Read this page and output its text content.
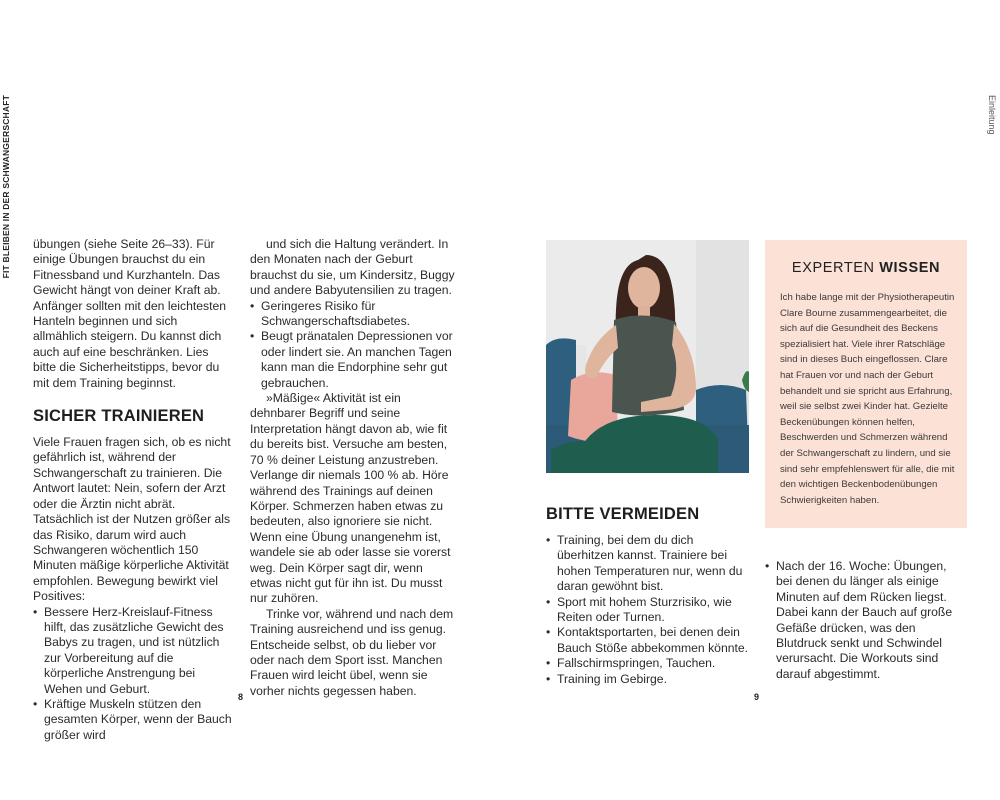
FIT BLEIBEN IN DER SCHWANGERSCHAFT	Einleitung

übungen (siehe Seite 26–33). Für einige Übungen brauchst du ein Fitnessband und Kurzhanteln. Das Gewicht hängt von deiner Kraft ab. Anfänger sollten mit den leichtesten Hanteln beginnen und sich allmählich steigern. Du kannst dich auch auf eine beschränken. Lies bitte die Sicherheitstipps, bevor du mit dem Training beginnst.

SICHER TRAINIEREN

Viele Frauen fragen sich, ob es nicht gefährlich ist, während der Schwangerschaft zu trainieren. Die Antwort lautet: Nein, sofern der Arzt oder die Ärztin nicht abrät. Tatsächlich ist der Nutzen größer als das Risiko, darum wird auch Schwangeren wöchentlich 150 Minuten mäßige körperliche Aktivität empfohlen. Bewegung bewirkt viel Positives:

• Bessere Herz-Kreislauf-Fitness hilft, das zusätzliche Gewicht des Babys zu tragen, und ist nützlich zur Vorbereitung auf die körperliche Anstrengung bei Wehen und Geburt.
• Kräftige Muskeln stützen den gesamten Körper, wenn der Bauch größer wird

und sich die Haltung verändert. In den Monaten nach der Geburt brauchst du sie, um Kindersitz, Buggy und andere Babyutensilien zu tragen.

• Geringeres Risiko für Schwangerschaftsdiabetes.
• Beugt pränatalen Depressionen vor oder lindert sie. An manchen Tagen kann man die Endorphine sehr gut gebrauchen.

»Mäßige« Aktivität ist ein dehnbarer Begriff und seine Interpretation hängt davon ab, wie fit du bereits bist. Versuche am besten, 70 % deiner Leistung anzustreben. Verlange dir niemals 100 % ab. Höre während des Trainings auf deinen Körper. Schmerzen haben etwas zu bedeuten, also ignoriere sie nicht. Wenn eine Übung unangenehm ist, wandele sie ab oder lasse sie vorerst weg. Dein Körper sagt dir, wenn etwas nicht gut für ihn ist. Du musst nur zuhören.

Trinke vor, während und nach dem Training ausreichend und iss genug. Entscheide selbst, ob du lieber vor oder nach dem Sport isst. Manchen Frauen wird leicht übel, wenn sie vorher nichts gegessen haben.

8	9
EXPERTEN WISSEN
Ich habe lange mit der Physiotherapeutin Clare Bourne zusammengearbeitet, die sich auf die Gesundheit des Beckens spezialisiert hat. Viele ihrer Ratschläge sind in dieses Buch eingeflossen. Clare hat Frauen vor und nach der Geburt behandelt und sie spricht aus Erfahrung, weil sie selbst zwei Kinder hat. Gezielte Beckenübungen können helfen, Beschwerden und Schmerzen während der Schwangerschaft zu lindern, und sie sind sehr empfehlenswert für alle, die mit den wichtigen Beckenbodenübungen Schwierigkeiten haben.
BITTE VERMEIDEN
• Training, bei dem du dich überhitzen kannst. Trainiere bei hohen Temperaturen nur, wenn du daran gewöhnt bist.
• Sport mit hohem Sturzrisiko, wie Reiten oder Turnen.
• Kontaktsportarten, bei denen dein Bauch Stöße abbekommen könnte.
• Fallschirmspringen, Tauchen.
• Training im Gebirge.
• Nach der 16. Woche: Übungen, bei denen du länger als einige Minuten auf dem Rücken liegst. Dabei kann der Bauch auf große Gefäße drücken, was den Blutdruck senkt und Schwindel verursacht. Die Workouts sind darauf abgestimmt.
